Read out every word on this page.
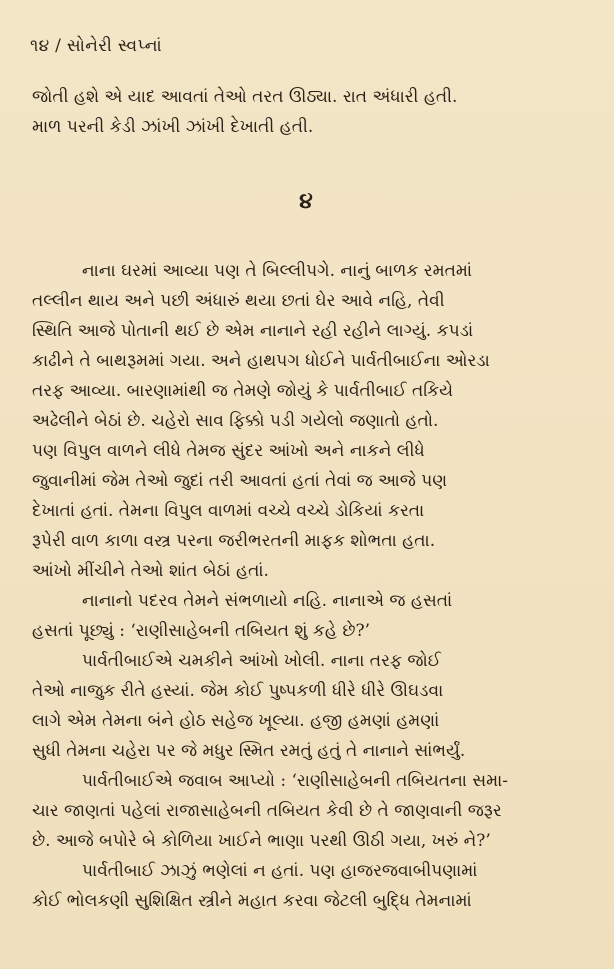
૧૪ / સોનેરી સ્વપ્નાં
જોતી હશે એ યાદ આવતાં તેઓ તરત ઊઠ્યા. રાત અંધારી હતી.
માળ પરની કેડી ઝાંખી ઝાંખી દેખાતી હતી.
૪
નાના ઘરમાં આવ્યા પણ તે બિલ્લીપગે. નાનું બાળક રમતમાં
તલ્લીન થાય અને પછી અંધારું થયા છતાં ઘેર આવે નહિ, તેવી
સ્થિતિ આજે પોતાની થઈ છે એમ નાનાને રહી રહીને લાગ્યું. કપડાં
કાઢીને તે બાથરૂમમાં ગયા. અને હાથપગ ધોઈને પાર્વતીબાઈના ઓરડા
તરફ આવ્યા. બારણામાંથી જ તેમણે જોયું કે પાર્વતીબાઈ તકિયે
અઢેલીને બેઠાં છે. ચહેરો સાવ ફિક્કો પડી ગયેલો જણાતો હતો.
પણ વિપુલ વાળને લીધે તેમજ સુંદર આંખો અને નાકને લીધે
જુવાનીમાં જેમ તેઓ જુદાં તરી આવતાં હતાં તેવાં જ આજે પણ
દેખાતાં હતાં. તેમના વિપુલ વાળમાં વચ્ચે વચ્ચે ડોકિયાં કરતા
રૂપેરી વાળ કાળા વસ્ત્ર પરના જરીભરતની માફક શોભતા હતા.
આંખો મીંચીને તેઓ શાંત બેઠાં હતાં.
નાનાનો પદરવ તેમને સંભળાયો નહિ. નાનાએ જ હસતાં
હસતાં પૂછ્યું : ‘રાણીસાહેબની તબિયત શું કહે છે?’
પાર્વતીબાઈએ ચમકીને આંખો ખોલી. નાના તરફ જોઈ
તેઓ નાજુક રીતે હસ્યાં. જેમ કોઈ પુષ્પકળી ધીરે ધીરે ઊઘડવા
લાગે એમ તેમના બંને હોઠ સહેજ ખૂલ્યા. હજી હમણાં હમણાં
સુધી તેમના ચહેરા પર જે મધુર સ્મિત રમતું હતું તે નાનાને સાંભર્યું.
પાર્વતીબાઈએ જવાબ આપ્યો : ‘રાણીસાહેબની તબિયતના સમા-
ચાર જાણતાં પહેલાં રાજાસાહેબની તબિયત કેવી છે તે જાણવાની જરૂર
છે. આજે બપોરે બે કોળિયા ખાઈને ભાણા પરથી ઊઠી ગયા, ખરું ને?’
પાર્વતીબાઈ ઝાઝું ભણેલાં ન હતાં. પણ હાજરજવાબીપણામાં
કોઈ ભોલકણી સુશિક્ષિત સ્ત્રીને મહાત કરવા જેટલી બુદ્ધિ તેમનામાં
